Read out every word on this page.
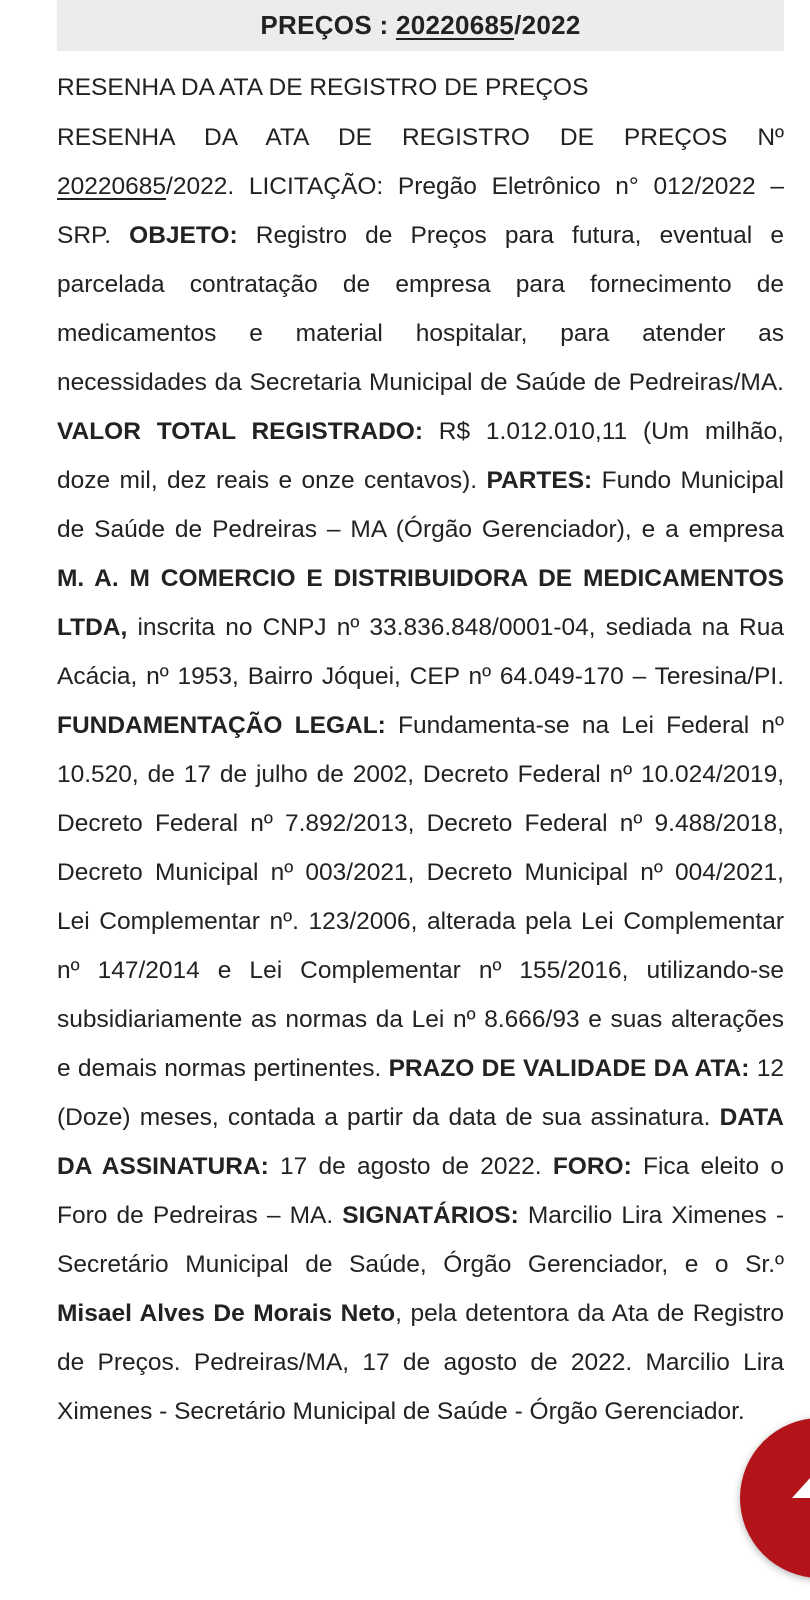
PREÇOS : 20220685/2022
RESENHA DA ATA DE REGISTRO DE PREÇOS

RESENHA DA ATA DE REGISTRO DE PREÇOS Nº 20220685/2022. LICITAÇÃO: Pregão Eletrônico n° 012/2022 – SRP. OBJETO: Registro de Preços para futura, eventual e parcelada contratação de empresa para fornecimento de medicamentos e material hospitalar, para atender as necessidades da Secretaria Municipal de Saúde de Pedreiras/MA. VALOR TOTAL REGISTRADO: R$ 1.012.010,11 (Um milhão, doze mil, dez reais e onze centavos). PARTES: Fundo Municipal de Saúde de Pedreiras – MA (Órgão Gerenciador), e a empresa M. A. M COMERCIO E DISTRIBUIDORA DE MEDICAMENTOS LTDA, inscrita no CNPJ nº 33.836.848/0001-04, sediada na Rua Acácia, nº 1953, Bairro Jóquei, CEP nº 64.049-170 – Teresina/PI. FUNDAMENTAÇÃO LEGAL: Fundamenta-se na Lei Federal nº 10.520, de 17 de julho de 2002, Decreto Federal nº 10.024/2019, Decreto Federal nº 7.892/2013, Decreto Federal nº 9.488/2018, Decreto Municipal nº 003/2021, Decreto Municipal nº 004/2021, Lei Complementar nº. 123/2006, alterada pela Lei Complementar nº 147/2014 e Lei Complementar nº 155/2016, utilizando-se subsidiariamente as normas da Lei nº 8.666/93 e suas alterações e demais normas pertinentes. PRAZO DE VALIDADE DA ATA: 12 (Doze) meses, contada a partir da data de sua assinatura. DATA DA ASSINATURA: 17 de agosto de 2022. FORO: Fica eleito o Foro de Pedreiras – MA. SIGNATÁRIOS: Marcilio Lira Ximenes - Secretário Municipal de Saúde, Órgão Gerenciador, e o Sr.º Misael Alves De Morais Neto, pela detentora da Ata de Registro de Preços. Pedreiras/MA, 17 de agosto de 2022. Marcilio Lira Ximenes - Secretário Municipal de Saúde - Órgão Gerenciador.
